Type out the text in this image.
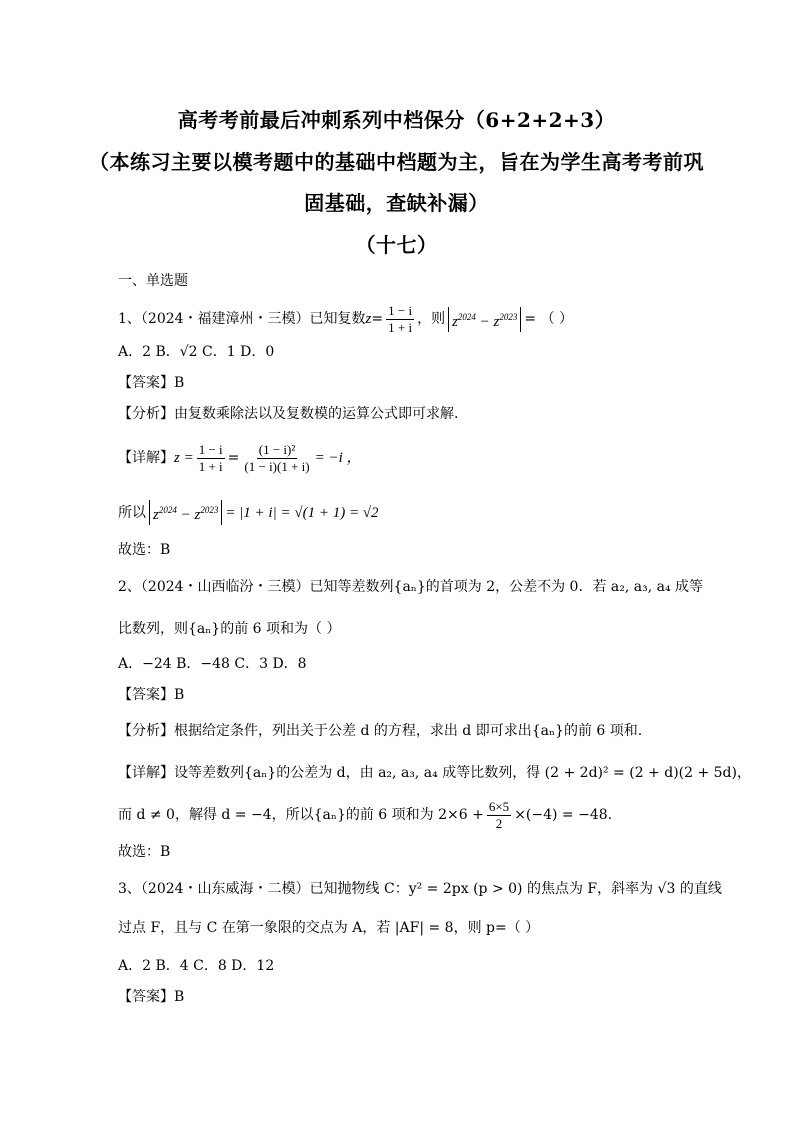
高考考前最后冲刺系列中档保分（6+2+2+3）
（本练习主要以模考题中的基础中档题为主，旨在为学生高考考前巩
固基础，查缺补漏）
（十七）
一、单选题
1、（2024・福建漳州・三模）已知复数 $z = \frac{1 - i}{1 + i}$ ，则 $z^{2024} - z^{2023}$ = （ ）
A．2 B．√2 C．1 D．0
【答案】B
【分析】由复数乘除法以及复数模的运算公式即可求解.
【详解】 $z = \frac{1 - i}{1 + i} = \frac{\text{(1 − i)²}}{(1 - i)(1 + i)} = -i$ ，
所以 $z^{2024} - z^{2023} = |1 + i| = √(1 + 1) = √2$
故选：B
2、（2024・山西临汾・三模）已知等差数列{aₙ}的首项为 2，公差不为 0．若 a₂, a₃, a₄ 成等
比数列，则{aₙ}的前 6 项和为（ ）
A．−24 B．−48 C．3 D．8
【答案】B
【分析】根据给定条件，列出关于公差 d 的方程，求出 d 即可求出{aₙ}的前 6 项和.
【详解】设等差数列{aₙ}的公差为 d，由 a₂, a₃, a₄ 成等比数列，得 (2 + 2d)² = (2 + d)(2 + 5d)，
而 d ≠ 0，解得 d = −4，所以{aₙ}的前 6 项和为 $2\times 6 + \frac{6\times 5}{2} \times(-4) = -48$.
故选：B
3、（2024・山东威海・二模）已知抛物线 C：y² = 2px (p > 0) 的焦点为 F，斜率为 √3 的直线
过点 F，且与 C 在第一象限的交点为 A，若 |AF| = 8，则 p=（ ）
A．2 B．4 C．8 D．12
【答案】B
